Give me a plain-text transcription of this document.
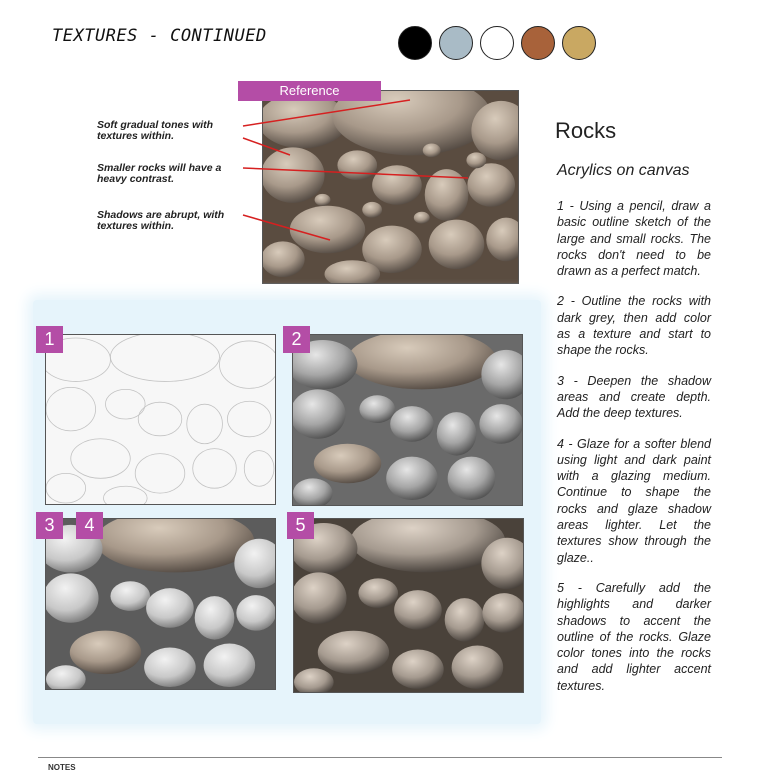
TEXTURES - CONTINUED
Reference
Soft gradual tones with textures within.
Smaller rocks will have a heavy contrast.
Shadows are abrupt, with textures within.
1	2
3	4	5
Rocks
Acrylics on canvas

1 - Using a pencil, draw a basic outline sketch of the large and small rocks. The rocks don't need to be drawn as a perfect match.

2 - Outline the rocks with dark grey, then add color as a texture and start to shape the rocks.

3 - Deepen the shadow areas and create depth. Add the deep textures.

4 - Glaze for a softer blend using light and dark paint with a glazing medium. Continue to shape the rocks and glaze shadow areas lighter. Let the textures show through the glaze..

5 - Carefully add the highlights and darker shadows to accent the outline of the rocks. Glaze color tones into the rocks and add lighter accent textures.

NOTES
